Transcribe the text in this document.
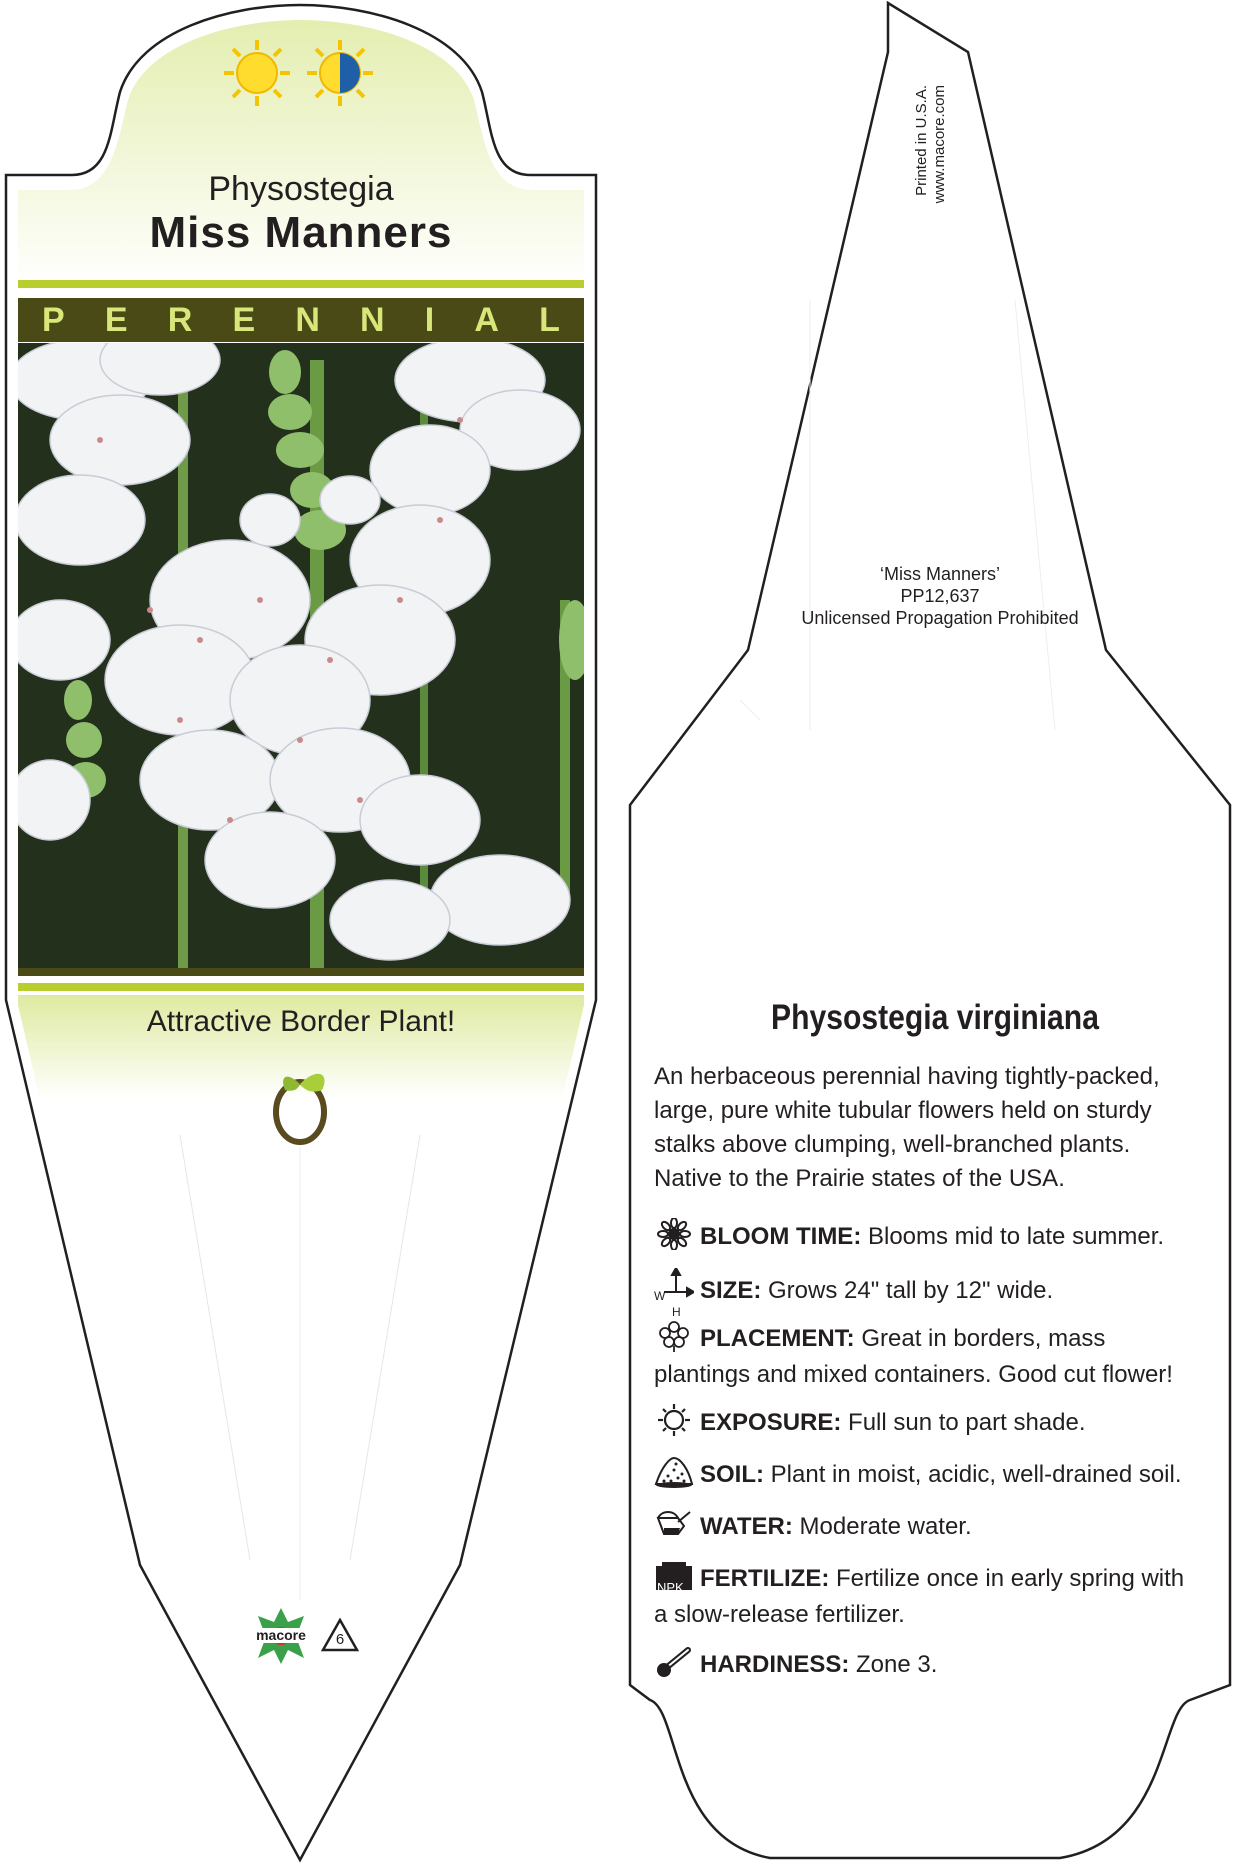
Physostegia
Miss Manners
P E R E N N I A L
Attractive Border Plant!
macore	6
Printed in U.S.A. www.macore.com
‘Miss Manners’
PP12,637
Unlicensed Propagation Prohibited
Physostegia virginiana
An herbaceous perennial having tightly-packed, large, pure white tubular flowers held on sturdy stalks above clumping, well-branched plants. Native to the Prairie states of the USA.
BLOOM TIME: Blooms mid to late summer.
W
H
SIZE: Grows 24" tall by 12" wide.
PLACEMENT: Great in borders, mass plantings and mixed containers. Good cut flower!
EXPOSURE: Full sun to part shade.
SOIL: Plant in moist, acidic, well-drained soil.
WATER: Moderate water.
NPK FERTILIZE: Fertilize once in early spring with a slow-release fertilizer.
HARDINESS: Zone 3.
